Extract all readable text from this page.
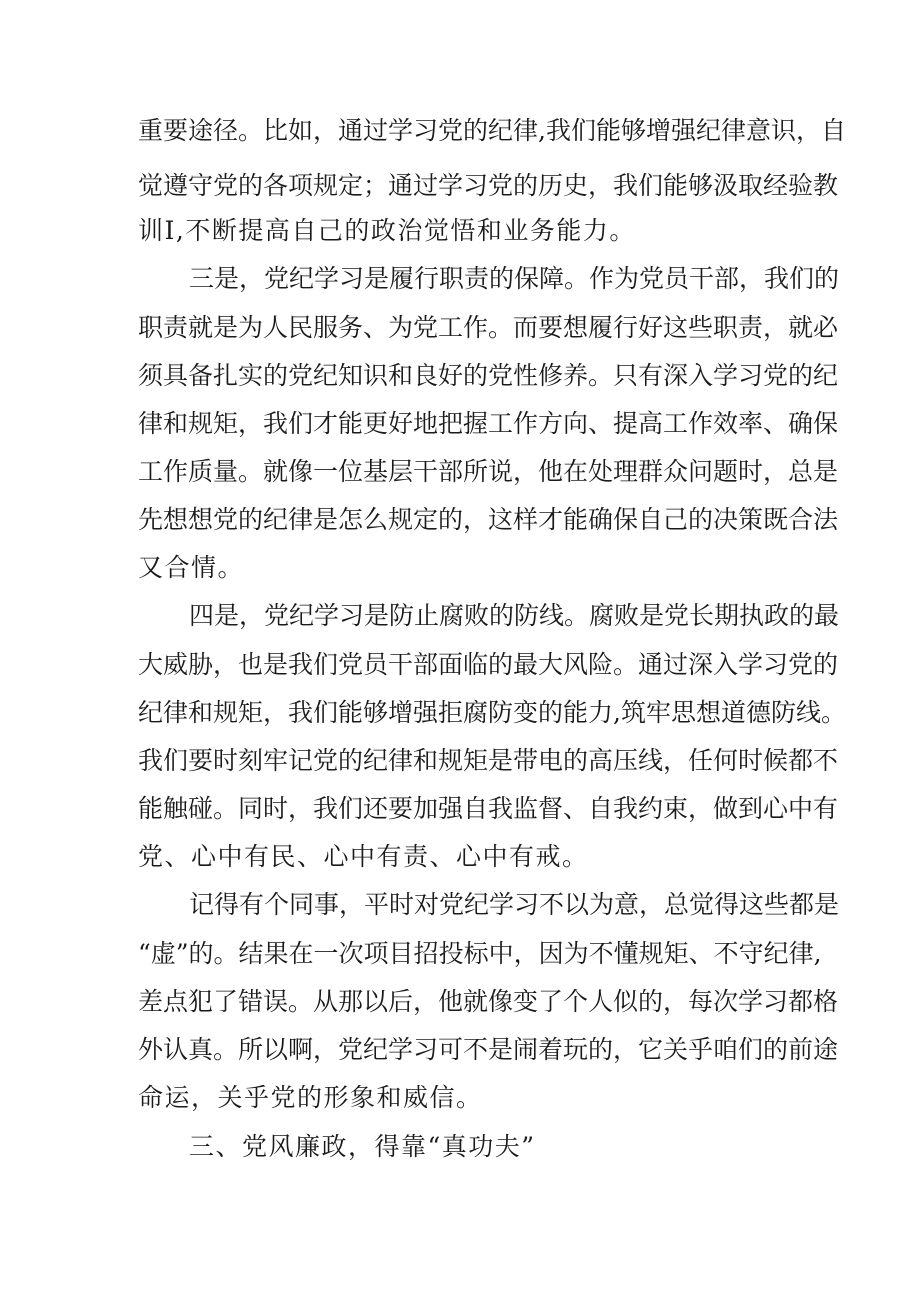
重要途径。比如，通过学习党的纪律,我们能够增强纪律意识，自
觉遵守党的各项规定；通过学习党的历史，我们能够汲取经验教
训I,不断提高自己的政治觉悟和业务能力。
三是，党纪学习是履行职责的保障。作为党员干部，我们的
职责就是为人民服务、为党工作。而要想履行好这些职责，就必
须具备扎实的党纪知识和良好的党性修养。只有深入学习党的纪
律和规矩，我们才能更好地把握工作方向、提高工作效率、确保
工作质量。就像一位基层干部所说，他在处理群众问题时，总是
先想想党的纪律是怎么规定的，这样才能确保自己的决策既合法
又合情。
四是，党纪学习是防止腐败的防线。腐败是党长期执政的最
大威胁，也是我们党员干部面临的最大风险。通过深入学习党的
纪律和规矩，我们能够增强拒腐防变的能力,筑牢思想道德防线。
我们要时刻牢记党的纪律和规矩是带电的高压线，任何时候都不
能触碰。同时，我们还要加强自我监督、自我约束，做到心中有
党、心中有民、心中有责、心中有戒。
记得有个同事，平时对党纪学习不以为意，总觉得这些都是
“虚”的。结果在一次项目招投标中，因为不懂规矩、不守纪律,
差点犯了错误。从那以后，他就像变了个人似的，每次学习都格
外认真。所以啊，党纪学习可不是闹着玩的，它关乎咱们的前途
命运，关乎党的形象和威信。
三、党风廉政，得靠“真功夫”
